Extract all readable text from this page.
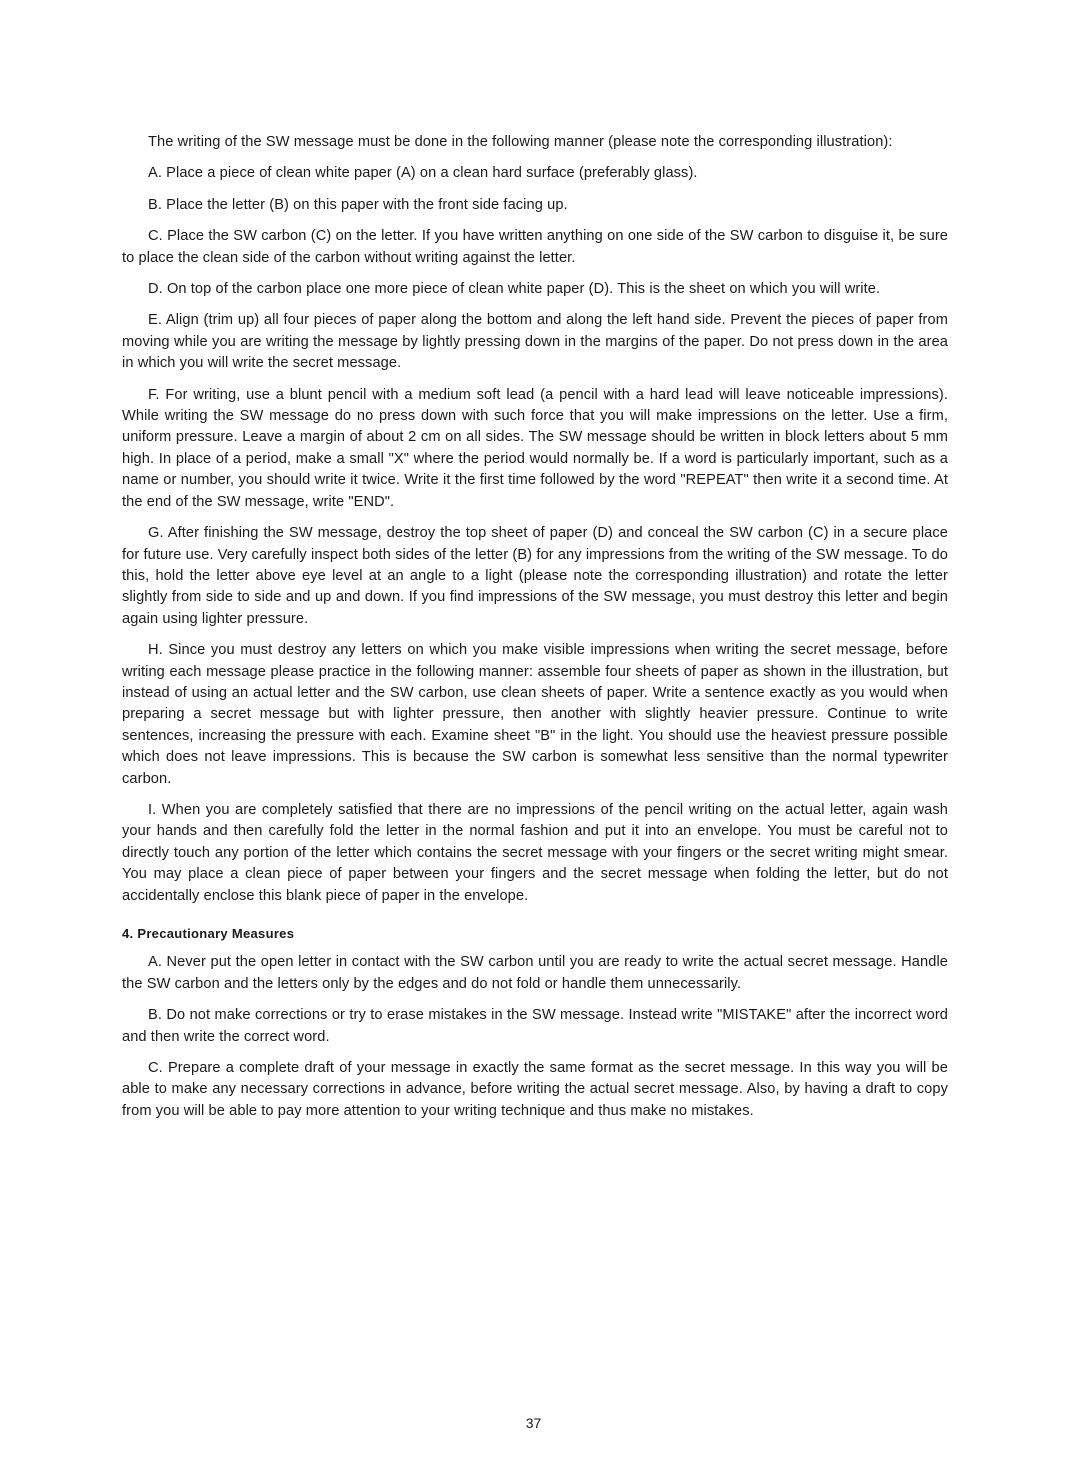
The writing of the SW message must be done in the following manner (please note the corresponding illustration):

A. Place a piece of clean white paper (A) on a clean hard surface (preferably glass).

B. Place the letter (B) on this paper with the front side facing up.

C. Place the SW carbon (C) on the letter. If you have written anything on one side of the SW carbon to disguise it, be sure to place the clean side of the carbon without writing against the letter.

D. On top of the carbon place one more piece of clean white paper (D). This is the sheet on which you will write.

E. Align (trim up) all four pieces of paper along the bottom and along the left hand side. Prevent the pieces of paper from moving while you are writing the message by lightly pressing down in the margins of the paper. Do not press down in the area in which you will write the secret message.

F. For writing, use a blunt pencil with a medium soft lead (a pencil with a hard lead will leave noticeable impressions). While writing the SW message do no press down with such force that you will make impressions on the letter. Use a firm, uniform pressure. Leave a margin of about 2 cm on all sides. The SW message should be written in block letters about 5 mm high. In place of a period, make a small "X" where the period would normally be. If a word is particularly important, such as a name or number, you should write it twice. Write it the first time followed by the word "REPEAT" then write it a second time. At the end of the SW message, write "END".

G. After finishing the SW message, destroy the top sheet of paper (D) and conceal the SW carbon (C) in a secure place for future use. Very carefully inspect both sides of the letter (B) for any impressions from the writing of the SW message. To do this, hold the letter above eye level at an angle to a light (please note the corresponding illustration) and rotate the letter slightly from side to side and up and down. If you find impressions of the SW message, you must destroy this letter and begin again using lighter pressure.

H. Since you must destroy any letters on which you make visible impressions when writing the secret message, before writing each message please practice in the following manner: assemble four sheets of paper as shown in the illustration, but instead of using an actual letter and the SW carbon, use clean sheets of paper. Write a sentence exactly as you would when preparing a secret message but with lighter pressure, then another with slightly heavier pressure. Continue to write sentences, increasing the pressure with each. Examine sheet "B" in the light. You should use the heaviest pressure possible which does not leave impressions. This is because the SW carbon is somewhat less sensitive than the normal typewriter carbon.

I. When you are completely satisfied that there are no impressions of the pencil writing on the actual letter, again wash your hands and then carefully fold the letter in the normal fashion and put it into an envelope. You must be careful not to directly touch any portion of the letter which contains the secret message with your fingers or the secret writing might smear. You may place a clean piece of paper between your fingers and the secret message when folding the letter, but do not accidentally enclose this blank piece of paper in the envelope.

4. Precautionary Measures

A. Never put the open letter in contact with the SW carbon until you are ready to write the actual secret message. Handle the SW carbon and the letters only by the edges and do not fold or handle them unnecessarily.

B. Do not make corrections or try to erase mistakes in the SW message. Instead write "MISTAKE" after the incorrect word and then write the correct word.

C. Prepare a complete draft of your message in exactly the same format as the secret message. In this way you will be able to make any necessary corrections in advance, before writing the actual secret message. Also, by having a draft to copy from you will be able to pay more attention to your writing technique and thus make no mistakes.

37
